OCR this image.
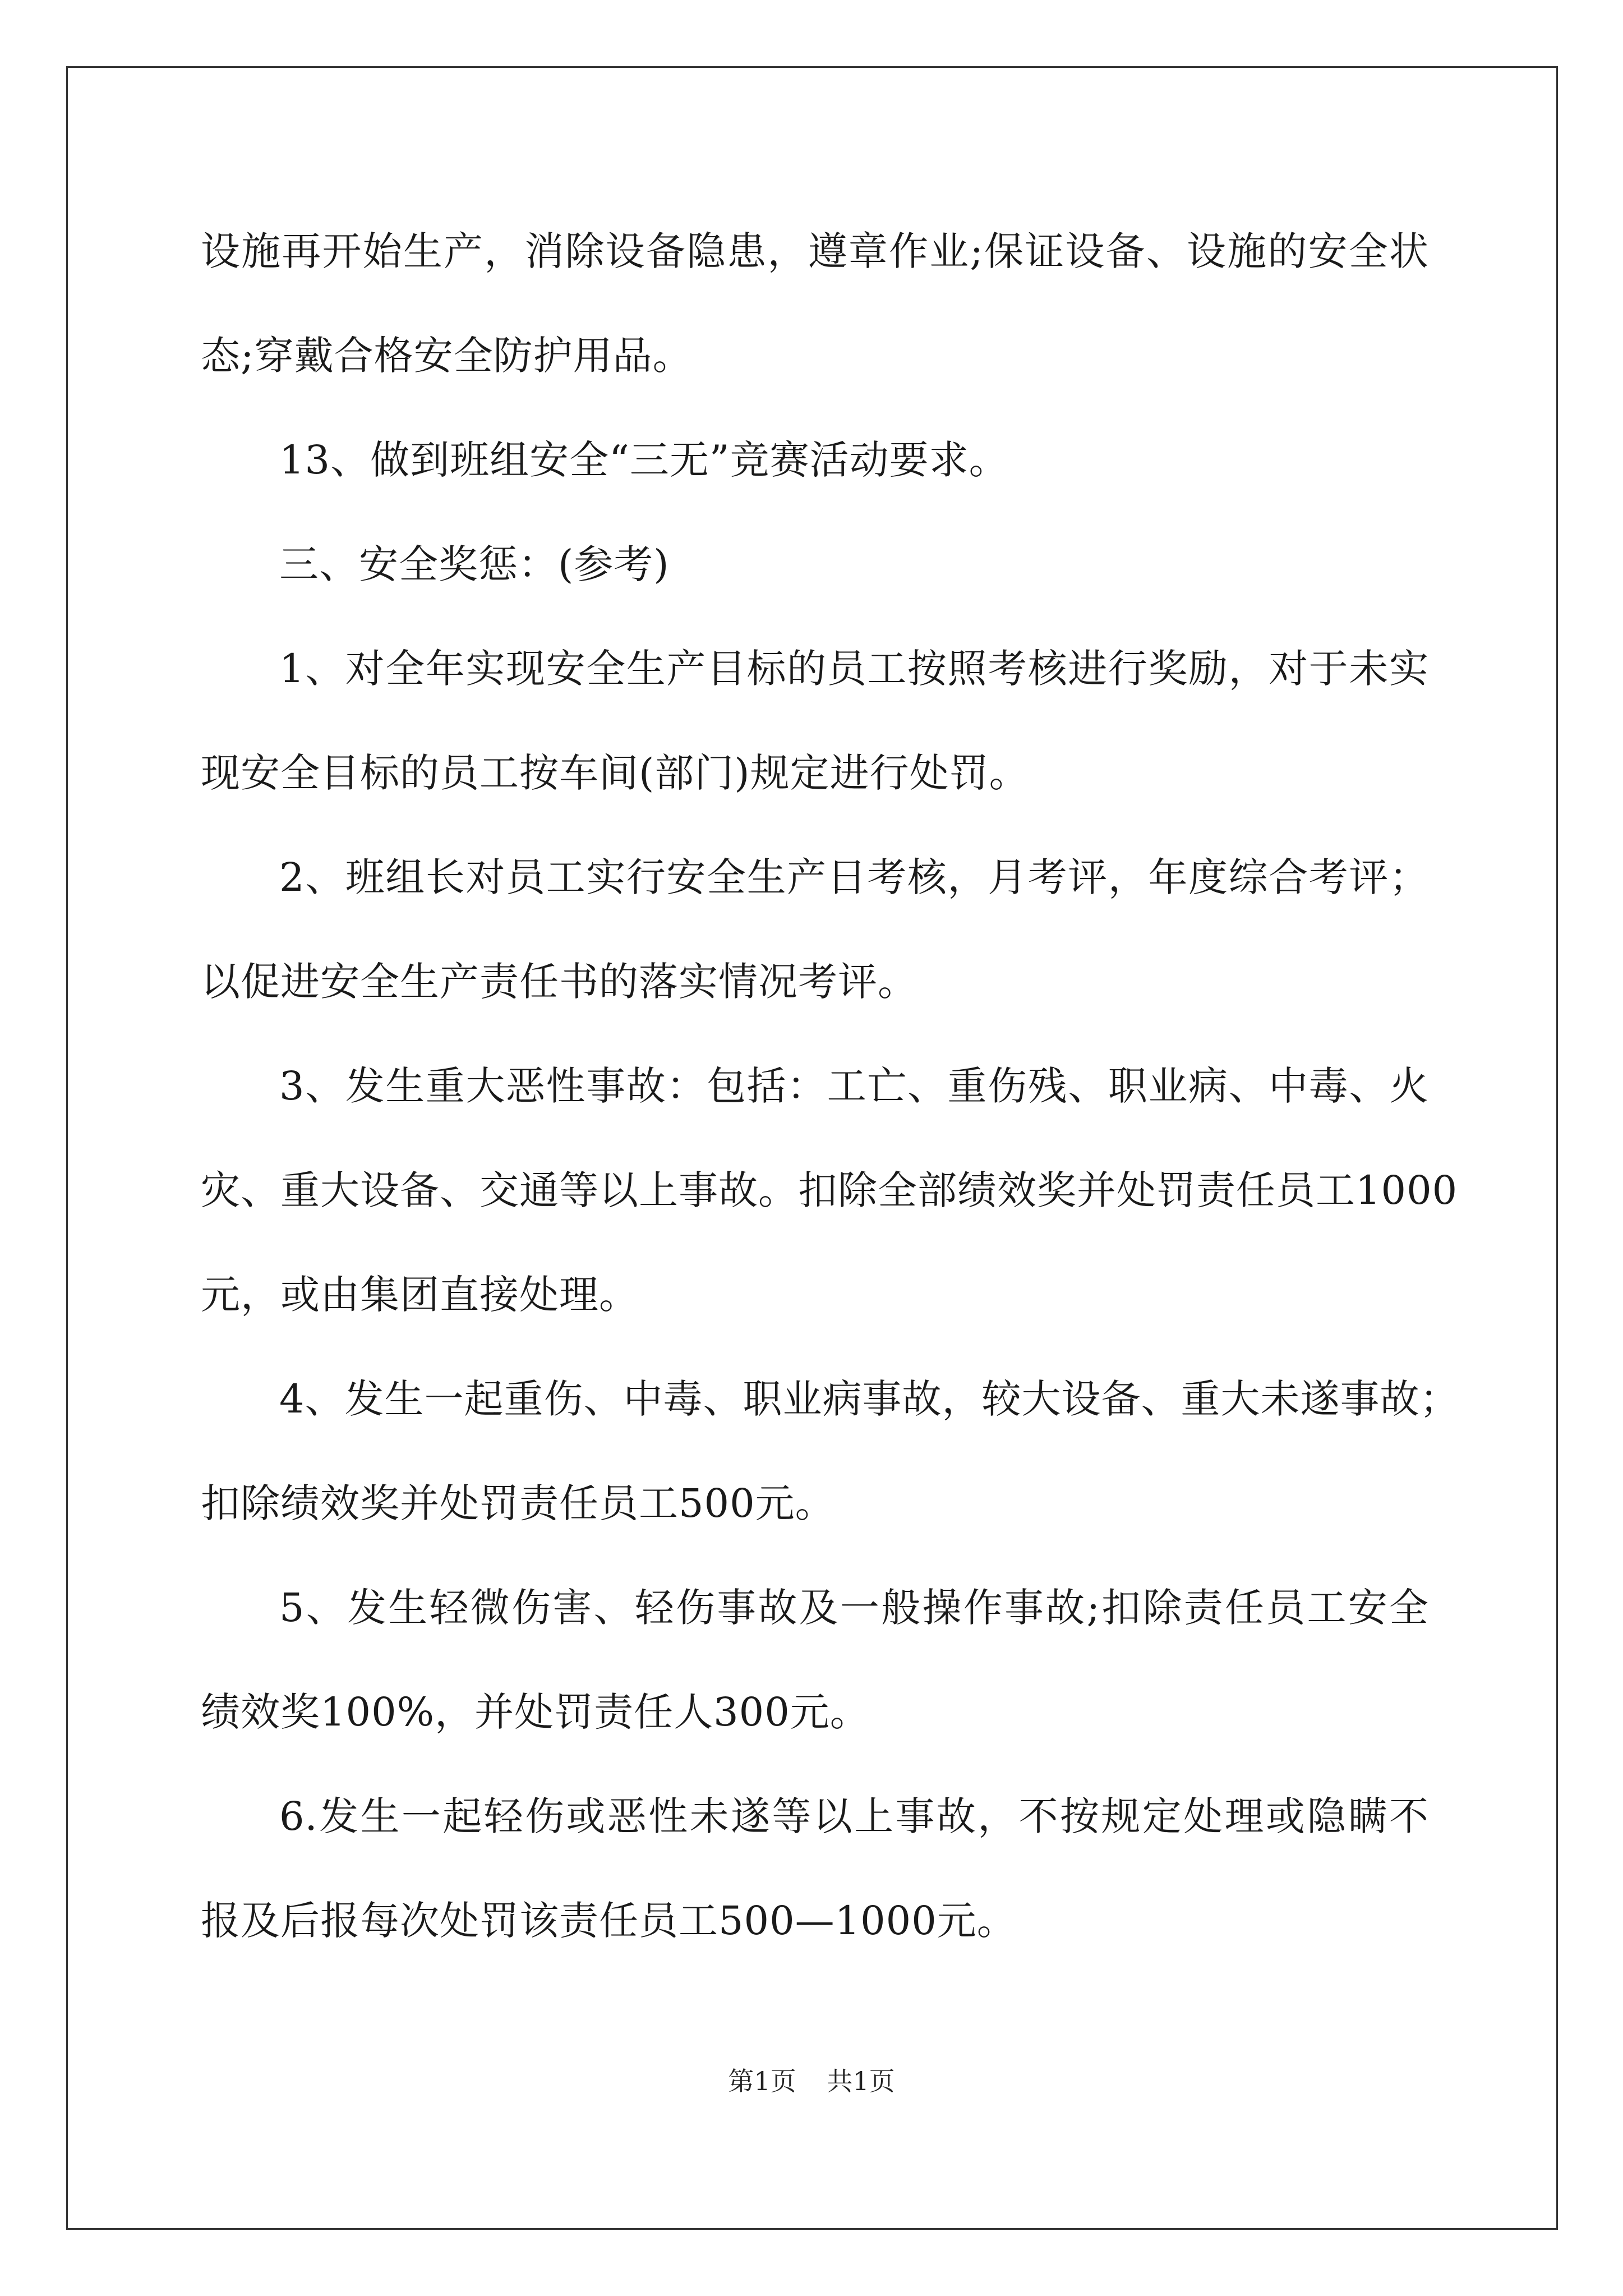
设施再开始生产，消除设备隐患，遵章作业;保证设备、设施的安全状
态;穿戴合格安全防护用品。
13、做到班组安全“三无”竞赛活动要求。
三、安全奖惩：(参考)
1、对全年实现安全生产目标的员工按照考核进行奖励，对于未实
现安全目标的员工按车间(部门)规定进行处罚。
2、班组长对员工实行安全生产日考核，月考评，年度综合考评；
以促进安全生产责任书的落实情况考评。
3、发生重大恶性事故：包括：工亡、重伤残、职业病、中毒、火
灾、重大设备、交通等以上事故。扣除全部绩效奖并处罚责任员工1000
元，或由集团直接处理。
4、发生一起重伤、中毒、职业病事故，较大设备、重大未遂事故；
扣除绩效奖并处罚责任员工500元。
5、发生轻微伤害、轻伤事故及一般操作事故;扣除责任员工安全
绩效奖100%，并处罚责任人300元。
6.发生一起轻伤或恶性未遂等以上事故，不按规定处理或隐瞒不
报及后报每次处罚该责任员工500—1000元。
第1页 共1页
